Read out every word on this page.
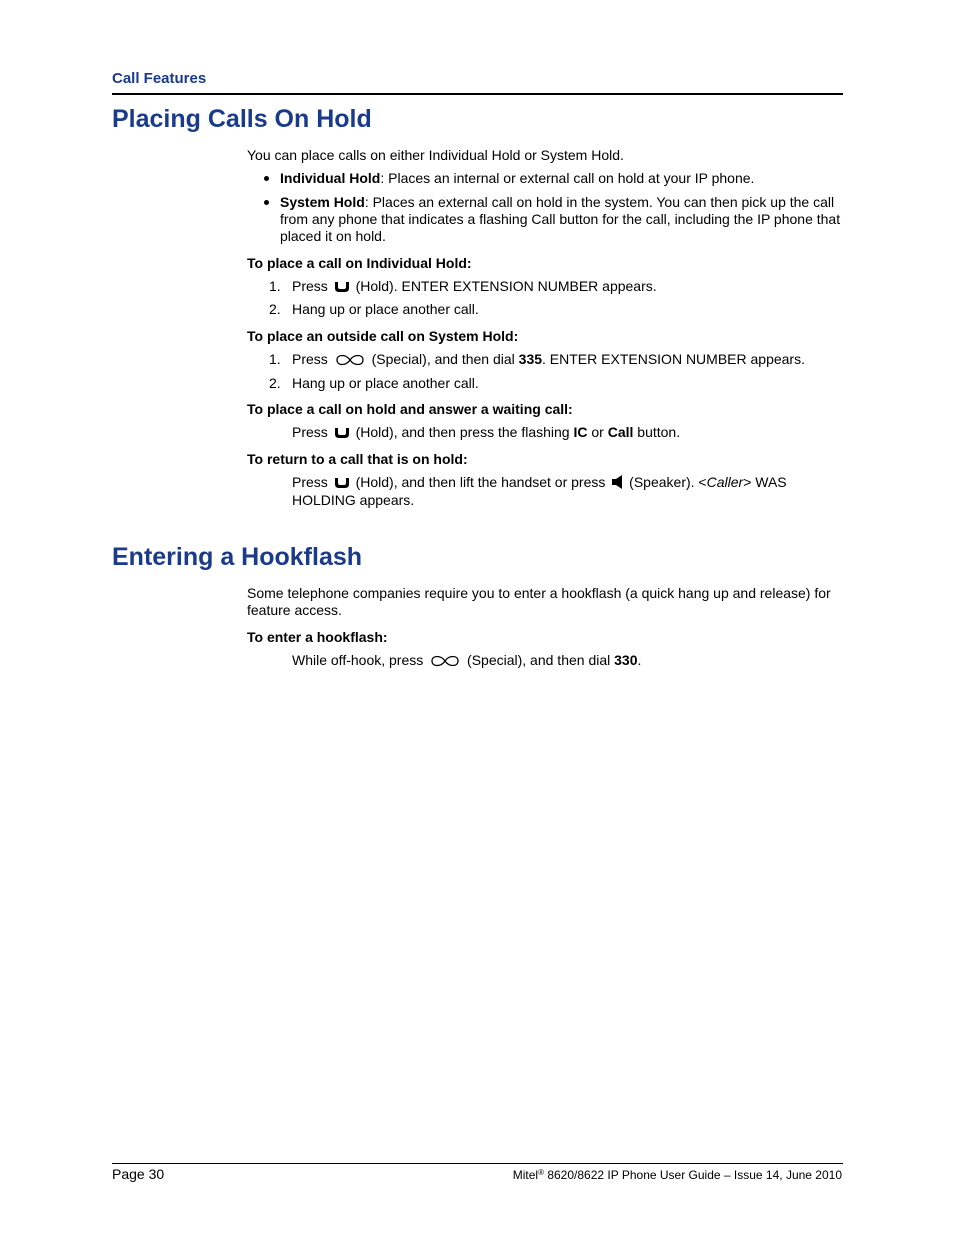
Call Features
Placing Calls On Hold
You can place calls on either Individual Hold or System Hold.
Individual Hold: Places an internal or external call on hold at your IP phone.
System Hold: Places an external call on hold in the system. You can then pick up the call
from any phone that indicates a flashing Call button for the call, including the IP phone that
placed it on hold.
To place a call on Individual Hold:
1. Press (Hold). ENTER EXTENSION NUMBER appears.
2. Hang up or place another call.
To place an outside call on System Hold:
1. Press	(Special), and then dial 335. ENTER EXTENSION NUMBER appears.
2. Hang up or place another call.
To place a call on hold and answer a waiting call:
Press (Hold), and then press the flashing IC or Call button.
To return to a call that is on hold:
Press (Hold), and then lift the handset or press (Speaker). <Caller> WAS
HOLDING appears.
Entering a Hookflash
Some telephone companies require you to enter a hookflash (a quick hang up and release) for
feature access.
To enter a hookflash:
While off-hook, press	(Special), and then dial 330.
Page 30	Mitel® 8620/8622 IP Phone User Guide – Issue 14, June 2010
